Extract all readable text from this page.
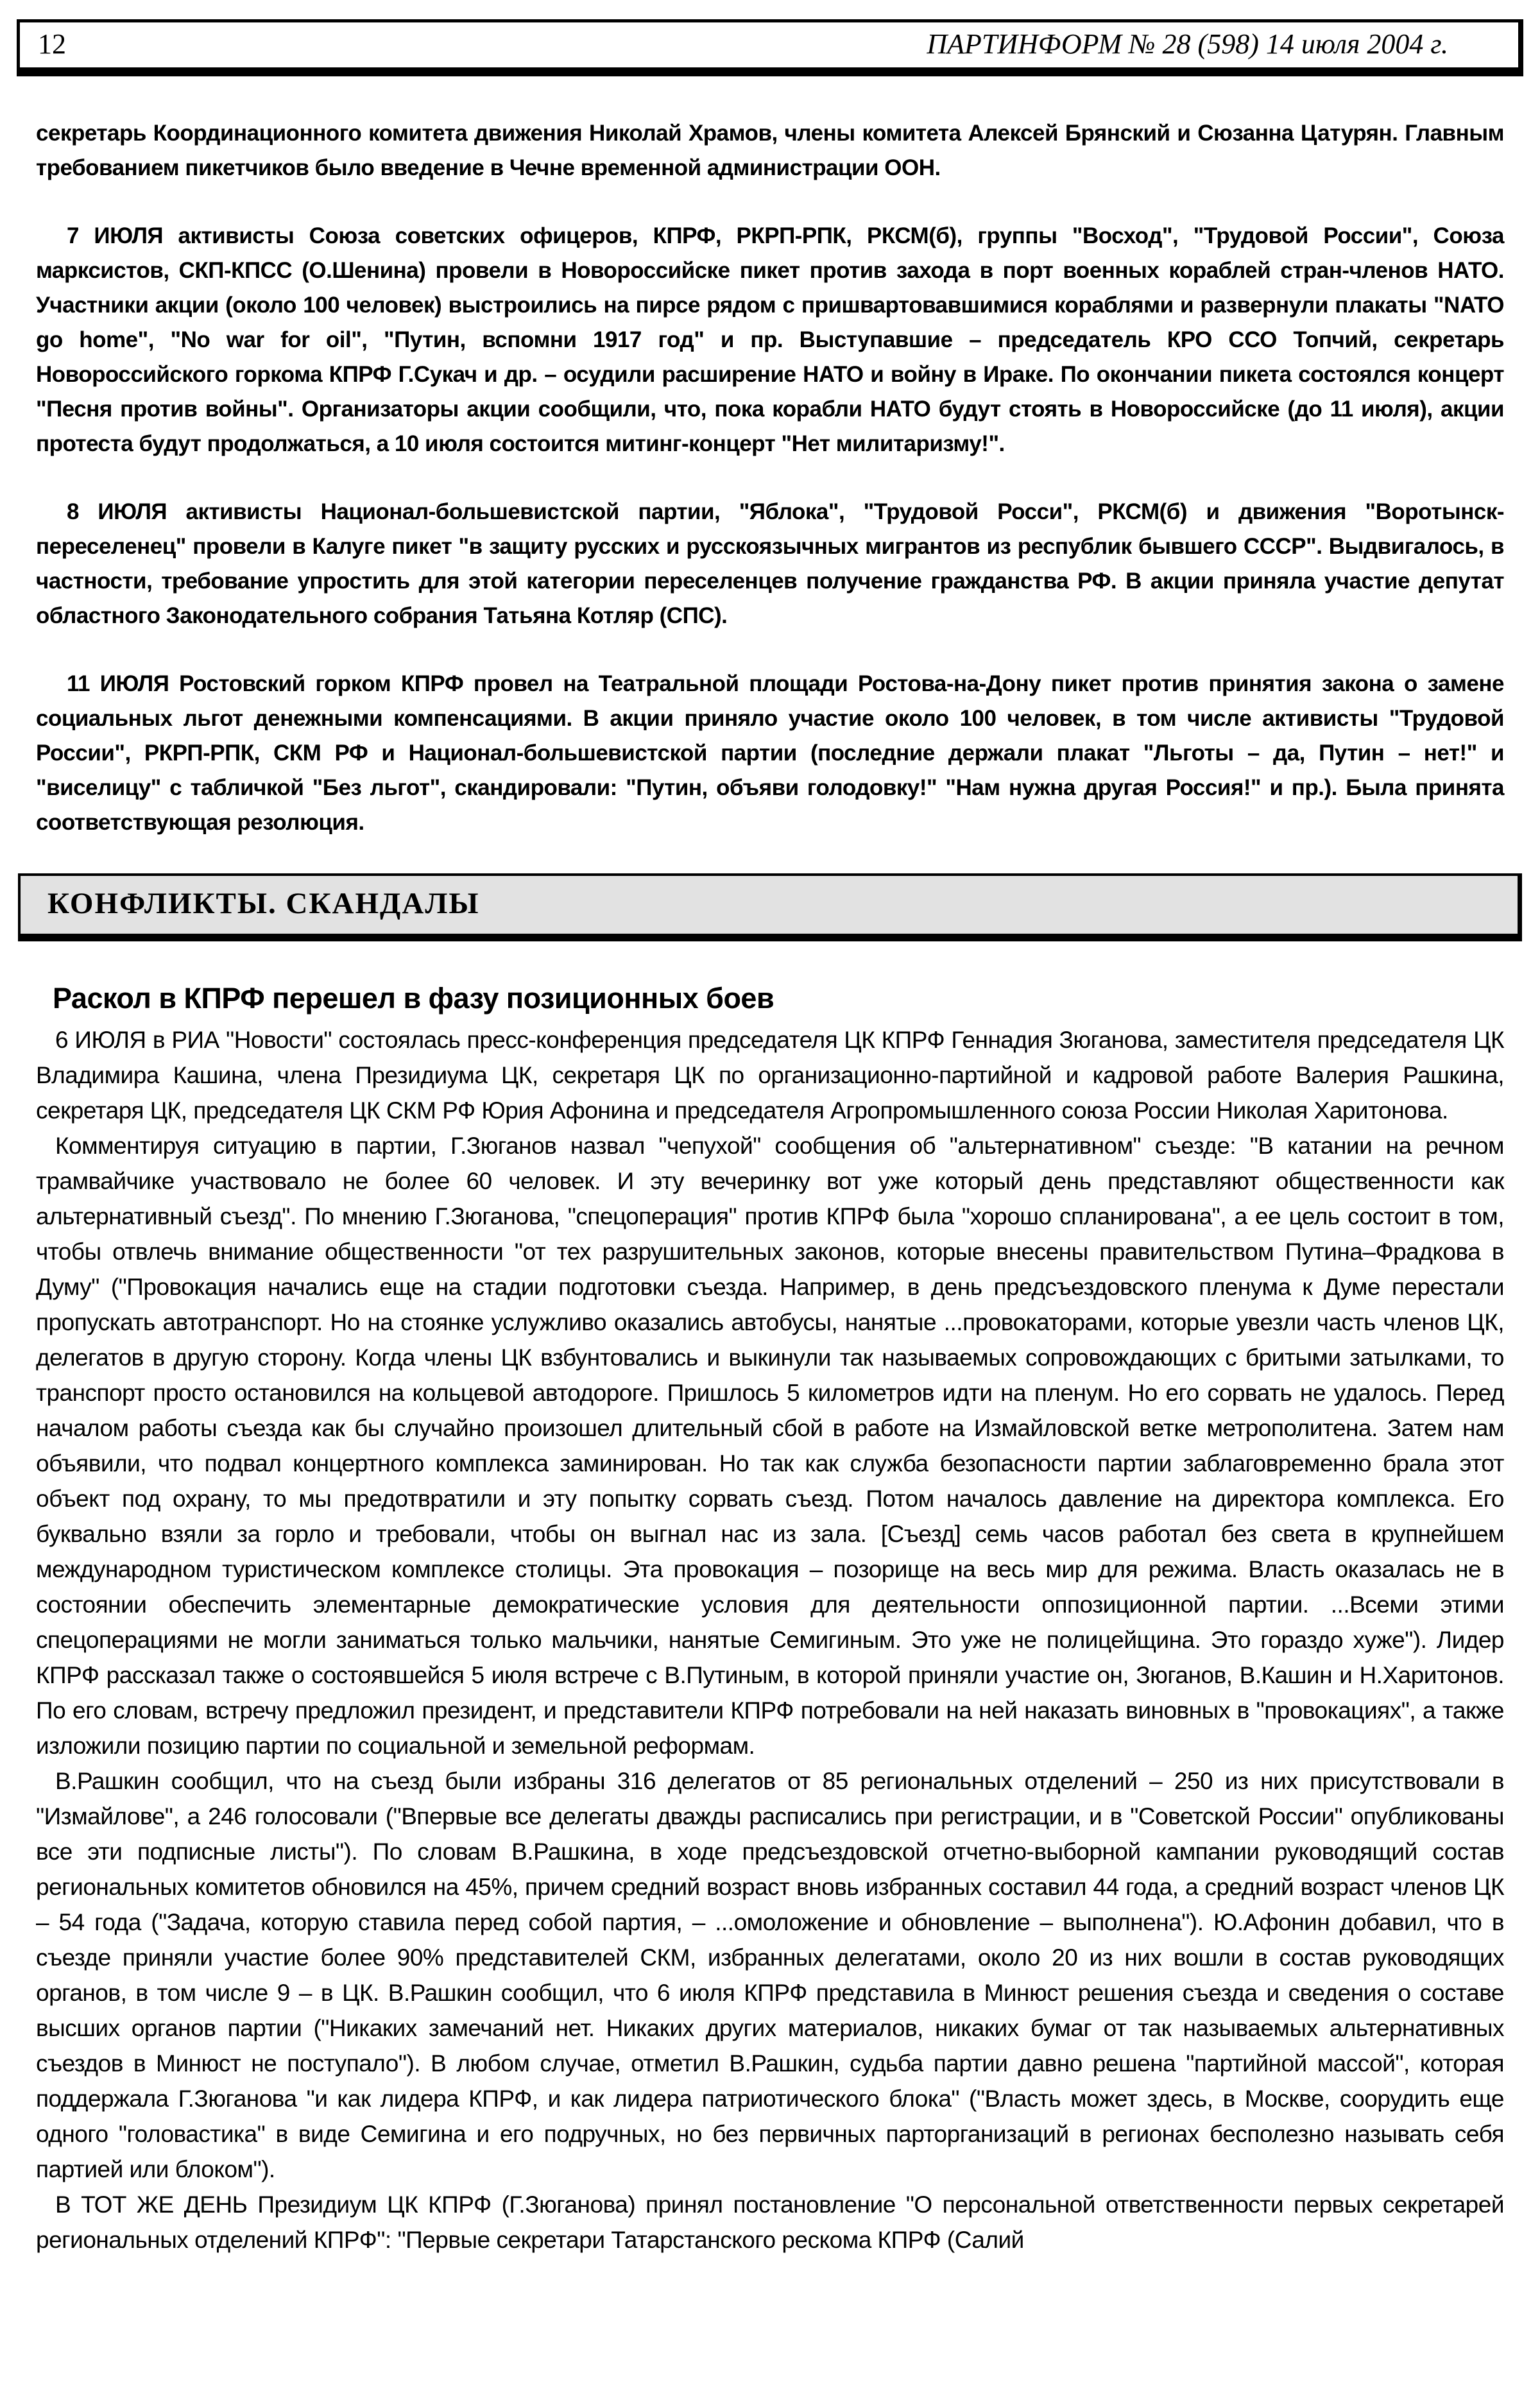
12	ПАРТИНФОРМ № 28 (598) 14 июля 2004 г.

секретарь Координационного комитета движения Николай Храмов, члены комитета Алексей Брянский и Сюзанна Цатурян. Главным требованием пикетчиков было введение в Чечне временной администрации ООН.

7 ИЮЛЯ активисты Союза советских офицеров, КПРФ, РКРП-РПК, РКСМ(б), группы "Восход", "Трудовой России", Союза марксистов, СКП-КПСС (О.Шенина) провели в Новороссийске пикет против захода в порт военных кораблей стран-членов НАТО. Участники акции (около 100 человек) выстроились на пирсе рядом с пришвартовавшимися кораблями и развернули плакаты "NATO go home", "No war for oil", "Путин, вспомни 1917 год" и пр. Выступавшие – председатель КРО ССО Топчий, секретарь Новороссийского горкома КПРФ Г.Сукач и др. – осудили расширение НАТО и войну в Ираке. По окончании пикета состоялся концерт "Песня против войны". Организаторы акции сообщили, что, пока корабли НАТО будут стоять в Новороссийске (до 11 июля), акции протеста будут продолжаться, а 10 июля состоится митинг-концерт "Нет милитаризму!".

8 ИЮЛЯ активисты Национал-большевистской партии, "Яблока", "Трудовой Росси", РКСМ(б) и движения "Воротынск-переселенец" провели в Калуге пикет "в защиту русских и русскоязычных мигрантов из республик бывшего СССР". Выдвигалось, в частности, требование упростить для этой категории переселенцев получение гражданства РФ. В акции приняла участие депутат областного Законодательного собрания Татьяна Котляр (СПС).

11 ИЮЛЯ Ростовский горком КПРФ провел на Театральной площади Ростова-на-Дону пикет против принятия закона о замене социальных льгот денежными компенсациями. В акции приняло участие около 100 человек, в том числе активисты "Трудовой России", РКРП-РПК, СКМ РФ и Национал-большевистской партии (последние держали плакат "Льготы – да, Путин – нет!" и "виселицу" с табличкой "Без льгот", скандировали: "Путин, объяви голодовку!" "Нам нужна другая Россия!" и пр.). Была принята соответствующая резолюция.

КОНФЛИКТЫ. СКАНДАЛЫ
Раскол в КПРФ перешел в фазу позиционных боев

6 ИЮЛЯ в РИА "Новости" состоялась пресс-конференция председателя ЦК КПРФ Геннадия Зюганова, заместителя председателя ЦК Владимира Кашина, члена Президиума ЦК, секретаря ЦК по организационно-партийной и кадровой работе Валерия Рашкина, секретаря ЦК, председателя ЦК СКМ РФ Юрия Афонина и председателя Агропромышленного союза России Николая Харитонова.

Комментируя ситуацию в партии, Г.Зюганов назвал "чепухой" сообщения об "альтернативном" съезде: "В катании на речном трамвайчике участвовало не более 60 человек. И эту вечеринку вот уже который день представляют общественности как альтернативный съезд". По мнению Г.Зюганова, "спецоперация" против КПРФ была "хорошо спланирована", а ее цель состоит в том, чтобы отвлечь внимание общественности "от тех разрушительных законов, которые внесены правительством Путина–Фрадкова в Думу" ("Провокация начались еще на стадии подготовки съезда. Например, в день предсъездовского пленума к Думе перестали пропускать автотранспорт. Но на стоянке услужливо оказались автобусы, нанятые ...провокаторами, которые увезли часть членов ЦК, делегатов в другую сторону. Когда члены ЦК взбунтовались и выкинули так называемых сопровождающих с бритыми затылками, то транспорт просто остановился на кольцевой автодороге. Пришлось 5 километров идти на пленум. Но его сорвать не удалось. Перед началом работы съезда как бы случайно произошел длительный сбой в работе на Измайловской ветке метрополитена. Затем нам объявили, что подвал концертного комплекса заминирован. Но так как служба безопасности партии заблаговременно брала этот объект под охрану, то мы предотвратили и эту попытку сорвать съезд. Потом началось давление на директора комплекса. Его буквально взяли за горло и требовали, чтобы он выгнал нас из зала. [Съезд] семь часов работал без света в крупнейшем международном туристическом комплексе столицы. Эта провокация – позорище на весь мир для режима. Власть оказалась не в состоянии обеспечить элементарные демократические условия для деятельности оппозиционной партии. ...Всеми этими спецоперациями не могли заниматься только мальчики, нанятые Семигиным. Это уже не полицейщина. Это гораздо хуже"). Лидер КПРФ рассказал также о состоявшейся 5 июля встрече с В.Путиным, в которой приняли участие он, Зюганов, В.Кашин и Н.Харитонов. По его словам, встречу предложил президент, и представители КПРФ потребовали на ней наказать виновных в "провокациях", а также изложили позицию партии по социальной и земельной реформам.

В.Рашкин сообщил, что на съезд были избраны 316 делегатов от 85 региональных отделений – 250 из них присутствовали в "Измайлове", а 246 голосовали ("Впервые все делегаты дважды расписались при регистрации, и в "Советской России" опубликованы все эти подписные листы"). По словам В.Рашкина, в ходе предсъездовской отчетно-выборной кампании руководящий состав региональных комитетов обновился на 45%, причем средний возраст вновь избранных составил 44 года, а средний возраст членов ЦК – 54 года ("Задача, которую ставила перед собой партия, – ...омоложение и обновление – выполнена"). Ю.Афонин добавил, что в съезде приняли участие более 90% представителей СКМ, избранных делегатами, около 20 из них вошли в состав руководящих органов, в том числе 9 – в ЦК. В.Рашкин сообщил, что 6 июля КПРФ представила в Минюст решения съезда и сведения о составе высших органов партии ("Никаких замечаний нет. Никаких других материалов, никаких бумаг от так называемых альтернативных съездов в Минюст не поступало"). В любом случае, отметил В.Рашкин, судьба партии давно решена "партийной массой", которая поддержала Г.Зюганова "и как лидера КПРФ, и как лидера патриотического блока" ("Власть может здесь, в Москве, соорудить еще одного "головастика" в виде Семигина и его подручных, но без первичных парторганизаций в регионах бесполезно называть себя партией или блоком").

В ТОТ ЖЕ ДЕНЬ Президиум ЦК КПРФ (Г.Зюганова) принял постановление "О персональной ответственности первых секретарей региональных отделений КПРФ": "Первые секретари Татарстанского рескома КПРФ (Салий
